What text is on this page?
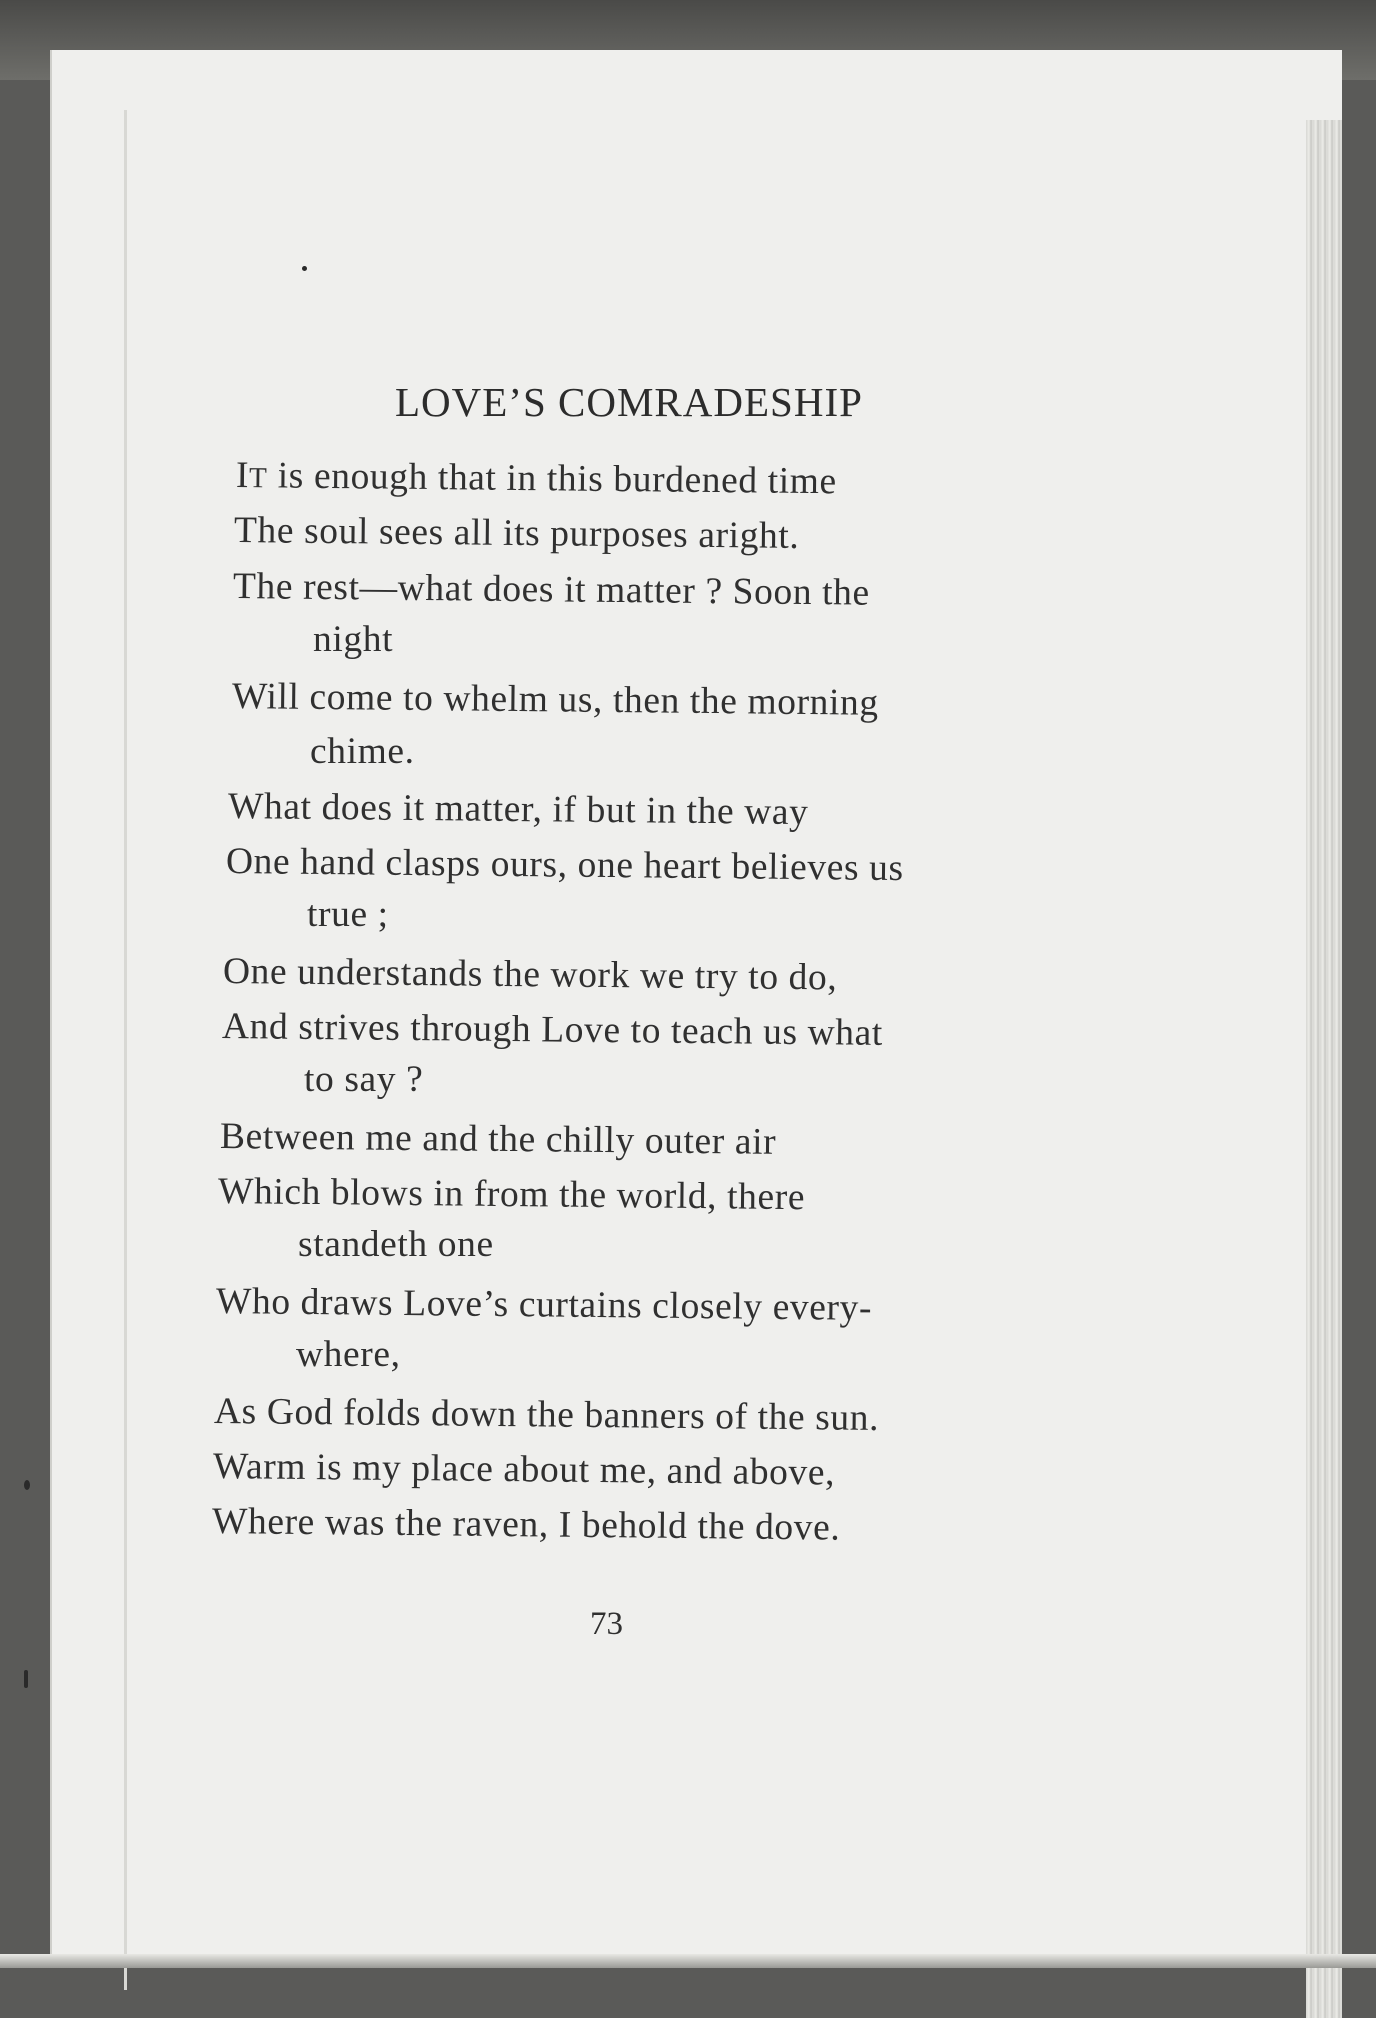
LOVE’S COMRADESHIP
IT is enough that in this burdened time
The soul sees all its purposes aright.
The rest—what does it matter ? Soon the
night
Will come to whelm us, then the morning
chime.
What does it matter, if but in the way
One hand clasps ours, one heart believes us
true ;
One understands the work we try to do,
And strives through Love to teach us what
to say ?
Between me and the chilly outer air
Which blows in from the world, there
standeth one
Who draws Love’s curtains closely every-
where,
As God folds down the banners of the sun.
Warm is my place about me, and above,
Where was the raven, I behold the dove.
73
